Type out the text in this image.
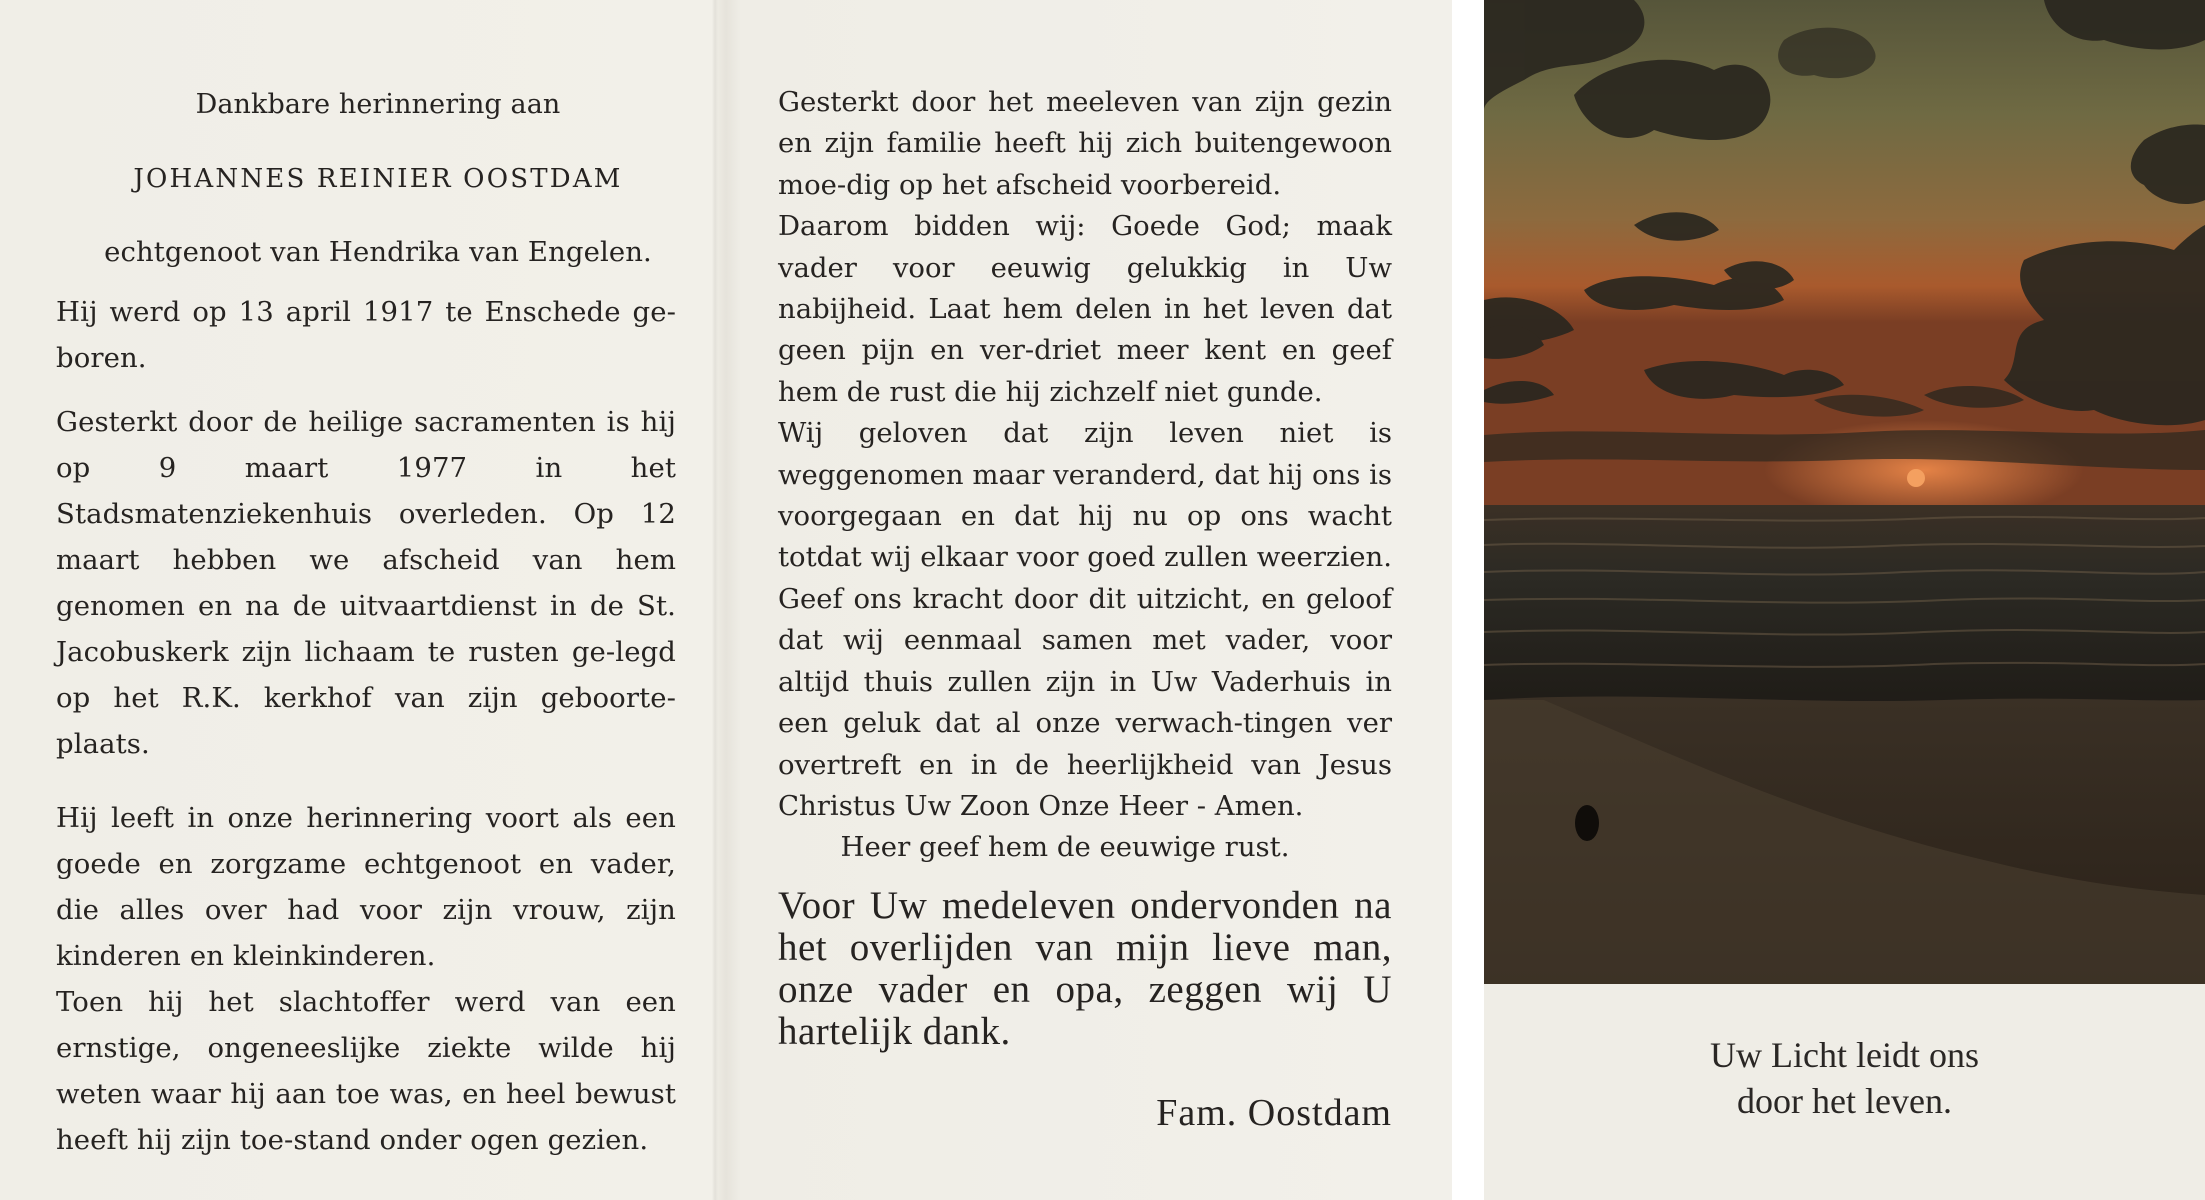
Dankbare herinnering aan

JOHANNES REINIER OOSTDAM

echtgenoot van Hendrika van Engelen.

Hij werd op 13 april 1917 te Enschede ge-boren.

Gesterkt door de heilige sacramenten is hij op 9 maart 1977 in het Stadsmatenziekenhuis overleden. Op 12 maart hebben we afscheid van hem genomen en na de uitvaartdienst in de St. Jacobuskerk zijn lichaam te rusten ge-legd op het R.K. kerkhof van zijn geboorte-plaats.

Hij leeft in onze herinnering voort als een goede en zorgzame echtgenoot en vader, die alles over had voor zijn vrouw, zijn kinderen en kleinkinderen.

Toen hij het slachtoffer werd van een ernstige, ongeneeslijke ziekte wilde hij weten waar hij aan toe was, en heel bewust heeft hij zijn toe-stand onder ogen gezien.

Gesterkt door het meeleven van zijn gezin en zijn familie heeft hij zich buitengewoon moe-dig op het afscheid voorbereid.

Daarom bidden wij: Goede God; maak vader voor eeuwig gelukkig in Uw nabijheid. Laat hem delen in het leven dat geen pijn en ver-driet meer kent en geef hem de rust die hij zichzelf niet gunde.

Wij geloven dat zijn leven niet is weggenomen maar veranderd, dat hij ons is voorgegaan en dat hij nu op ons wacht totdat wij elkaar voor goed zullen weerzien. Geef ons kracht door dit uitzicht, en geloof dat wij eenmaal samen met vader, voor altijd thuis zullen zijn in Uw Vaderhuis in een geluk dat al onze verwach-tingen ver overtreft en in de heerlijkheid van Jesus Christus Uw Zoon Onze Heer - Amen.

Heer geef hem de eeuwige rust.

Voor Uw medeleven ondervonden na het overlijden van mijn lieve man, onze vader en opa, zeggen wij U hartelijk dank.

Fam. Oostdam

Uw Licht leidt ons
door het leven.
